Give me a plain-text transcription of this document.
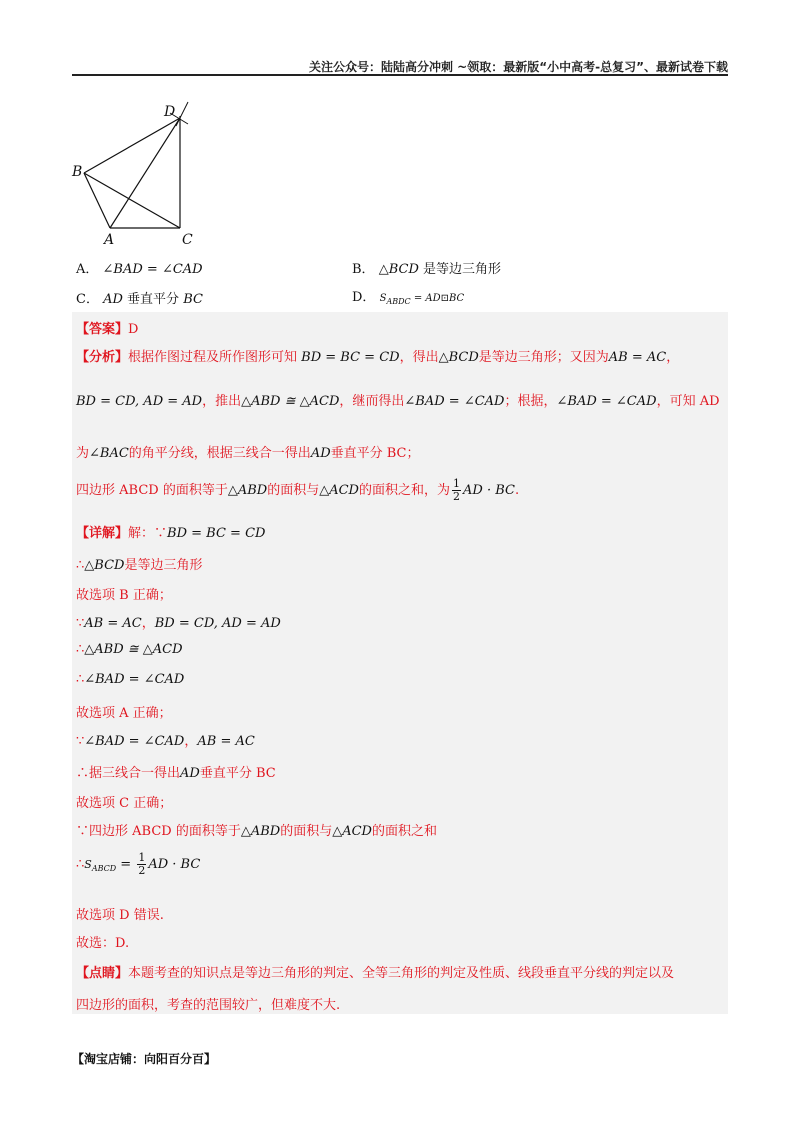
关注公众号：陆陆高分冲刺 ~领取：最新版“小中高考-总复习”、最新试卷下载
D
B
A	C
A． ∠BAD = ∠CAD	B． △BCD 是等边三角形
C． AD 垂直平分 BC	D． $S_{ABDC}$ = AD⊡BC
【答案】D
【分析】根据作图过程及所作图形可知 BD = BC = CD，得出△BCD是等边三角形；又因为AB = AC，
BD = CD, AD = AD，推出△ABD ≅ △ACD，继而得出∠BAD = ∠CAD；根据，∠BAD = ∠CAD，可知 AD
为∠BAC的角平分线，根据三线合一得出AD垂直平分 BC；
四边形 ABCD 的面积等于△ABD的面积与△ACD的面积之和，为 $\frac{1}{2}$ AD · BC.
【详解】解：∵BD = BC = CD
∴△BCD是等边三角形
故选项 B 正确；
∵AB = AC，BD = CD, AD = AD
∴△ABD ≅ △ACD
∴∠BAD = ∠CAD
故选项 A 正确；
∵∠BAD = ∠CAD，AB = AC
∴据三线合一得出AD垂直平分 BC
故选项 C 正确；
∵四边形 ABCD 的面积等于△ABD的面积与△ACD的面积之和
$\therefore S_{ABCD} = \frac{1}{2}$ AD · BC
故选项 D 错误.
故选：D.
【点睛】本题考查的知识点是等边三角形的判定、全等三角形的判定及性质、线段垂直平分线的判定以及
四边形的面积，考查的范围较广，但难度不大.
【淘宝店铺：向阳百分百】
